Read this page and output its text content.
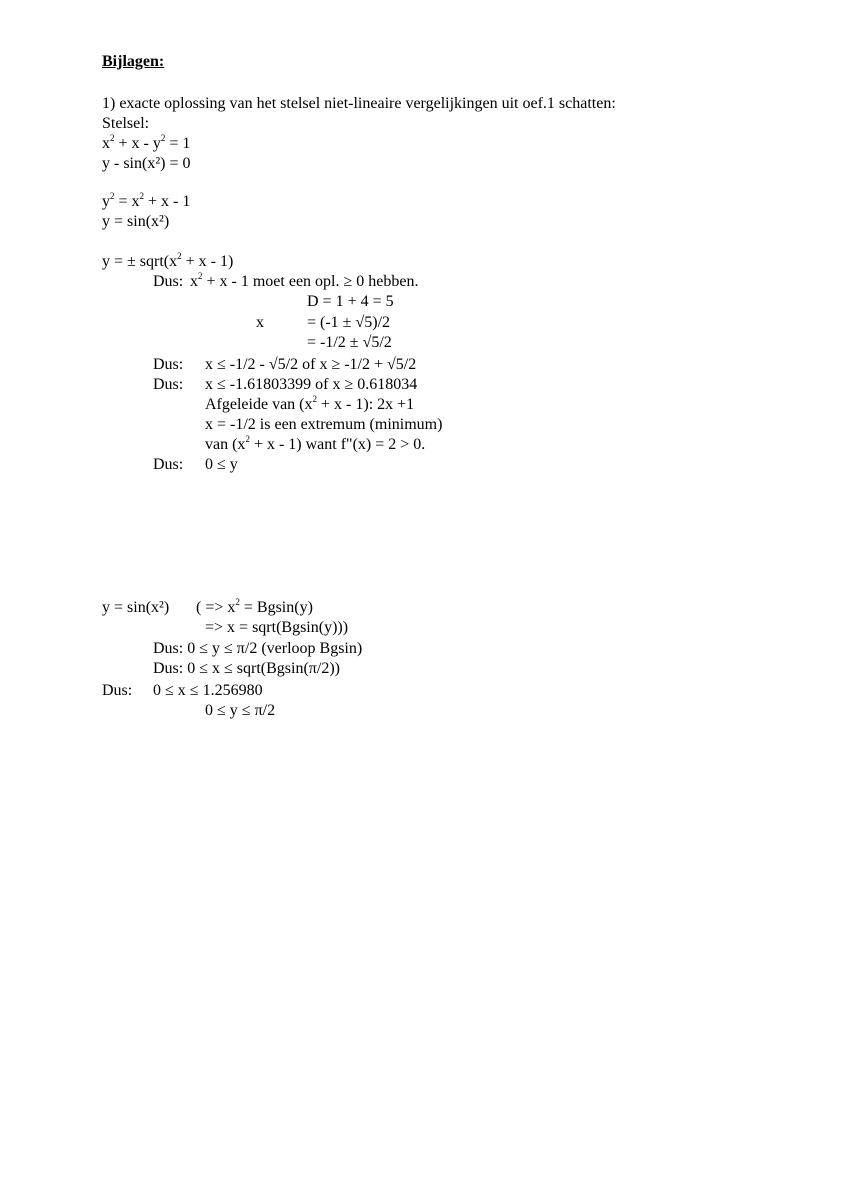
Bijlagen:
1) exacte oplossing van het stelsel niet-lineaire vergelijkingen uit oef.1 schatten:
Stelsel:
$x^2 + x - y^2 = 1$
y - sin(x²) = 0
$y^2 = x^2 + x - 1$
y = sin(x²)
y = ± $sqrt(x^2 + x - 1)$
Dus: $x^2 + x - 1$ moet een opl. ≥ 0 hebben.
D = 1 + 4 = 5
x	= (-1 ± √5)/2
= -1/2 ± √5/2
Dus: x ≤ -1/2 - √5/2 of x ≥ -1/2 + √5/2
Dus: x ≤ -1.61803399 of x ≥ 0.618034
Afgeleide van $(x^2 + x - 1)$: 2x +1
x = -1/2 is een extremum (minimum)
van $(x^2 + x - 1)$ want f"(x) = 2 > 0.
Dus: 0 ≤ y
y = sin(x²) ( => $x^2 = Bgsin(y)$
=> x = sqrt(Bgsin(y)))
Dus: 0 ≤ y ≤ π/2 (verloop Bgsin)
Dus: 0 ≤ x ≤ sqrt(Bgsin(π/2))
Dus: 0 ≤ x ≤ 1.256980
0 ≤ y ≤ π/2
